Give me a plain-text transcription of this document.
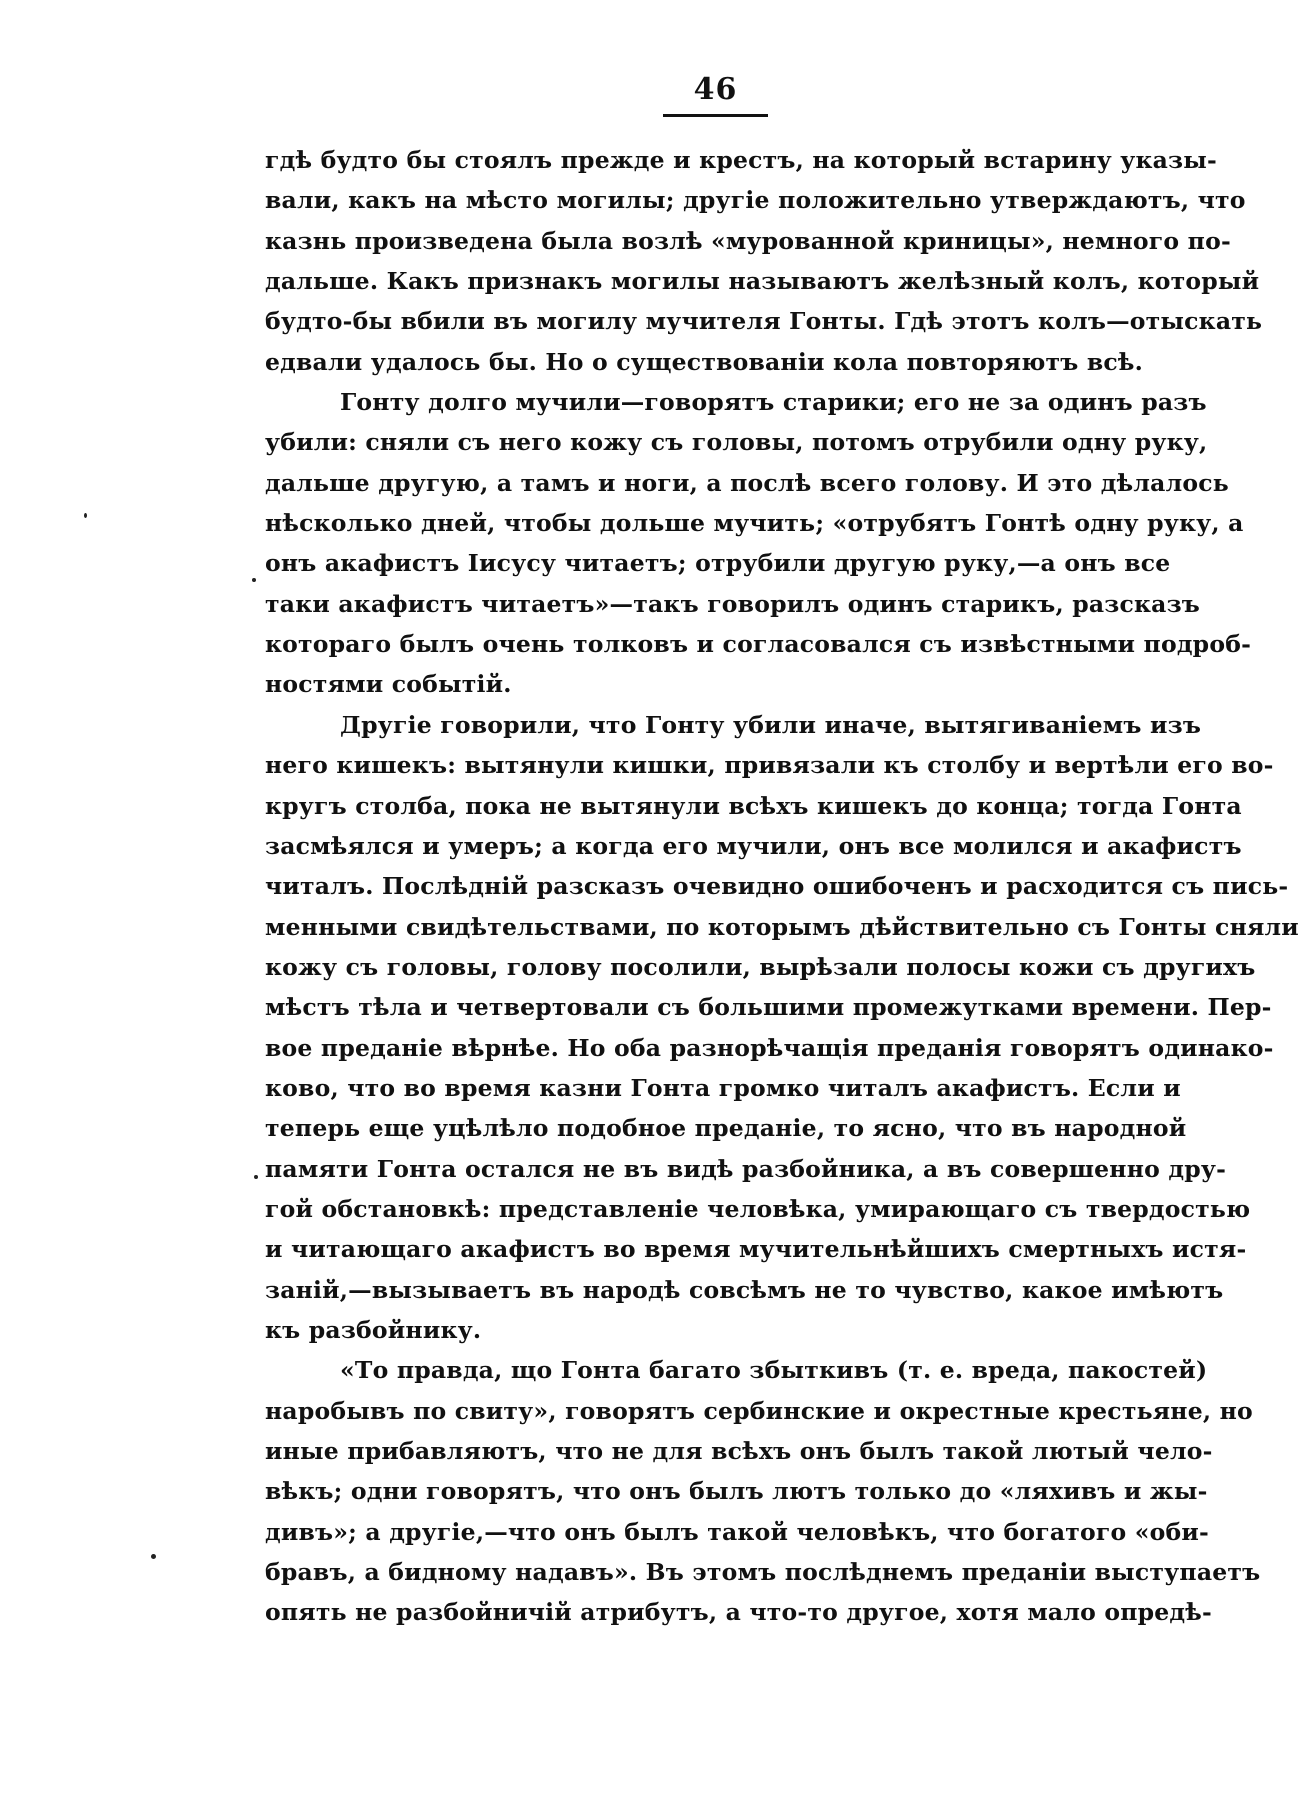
46
гдѣ будто бы стоялъ прежде и крестъ, на который встарину указы-
вали, какъ на мѣсто могилы; другіе положительно утверждаютъ, что
казнь произведена была возлѣ «мурованной криницы», немного по-
дальше. Какъ признакъ могилы называютъ желѣзный колъ, который
будто-бы вбили въ могилу мучителя Гонты. Гдѣ этотъ колъ—отыскать
едвали удалось бы. Но о существованіи кола повторяютъ всѣ.
Гонту долго мучили—говорятъ старики; его не за одинъ разъ
убили: сняли съ него кожу съ головы, потомъ отрубили одну руку,
дальше другую, а тамъ и ноги, а послѣ всего голову. И это дѣлалось
нѣсколько дней, чтобы дольше мучить; «отрубятъ Гонтѣ одну руку, а
онъ акафистъ Іисусу читаетъ; отрубили другую руку,—а онъ все
таки акафистъ читаетъ»—такъ говорилъ одинъ старикъ, разсказъ
котораго былъ очень толковъ и согласовался съ извѣстными подроб-
ностями событій.
Другіе говорили, что Гонту убили иначе, вытягиваніемъ изъ
него кишекъ: вытянули кишки, привязали къ столбу и вертѣли его во-
кругъ столба, пока не вытянули всѣхъ кишекъ до конца; тогда Гонта
засмѣялся и умеръ; а когда его мучили, онъ все молился и акафистъ
читалъ. Послѣдній разсказъ очевидно ошибоченъ и расходится съ пись-
менными свидѣтельствами, по которымъ дѣйствительно съ Гонты сняли
кожу съ головы, голову посолили, вырѣзали полосы кожи съ другихъ
мѣстъ тѣла и четвертовали съ большими промежутками времени. Пер-
вое преданіе вѣрнѣе. Но оба разнорѣчащія преданія говорятъ одинако-
ково, что во время казни Гонта громко читалъ акафистъ. Если и
теперь еще уцѣлѣло подобное преданіе, то ясно, что въ народной
памяти Гонта остался не въ видѣ разбойника, а въ совершенно дру-
гой обстановкѣ: представленіе человѣка, умирающаго съ твердостью
и читающаго акафистъ во время мучительнѣйшихъ смертныхъ истя-
заній,—вызываетъ въ народѣ совсѣмъ не то чувство, какое имѣютъ
къ разбойнику.
«То правда, що Гонта багато збыткивъ (т. е. вреда, пакостей)
наробывъ по свиту», говорятъ сербинские и окрестные крестьяне, но
иные прибавляютъ, что не для всѣхъ онъ былъ такой лютый чело-
вѣкъ; одни говорятъ, что онъ былъ лютъ только до «ляхивъ и жы-
дивъ»; а другіе,—что онъ былъ такой человѣкъ, что богатого «оби-
бравъ, а бидному надавъ». Въ этомъ послѣднемъ преданіи выступаетъ
опять не разбойничій атрибутъ, а что-то другое, хотя мало опредѣ-
